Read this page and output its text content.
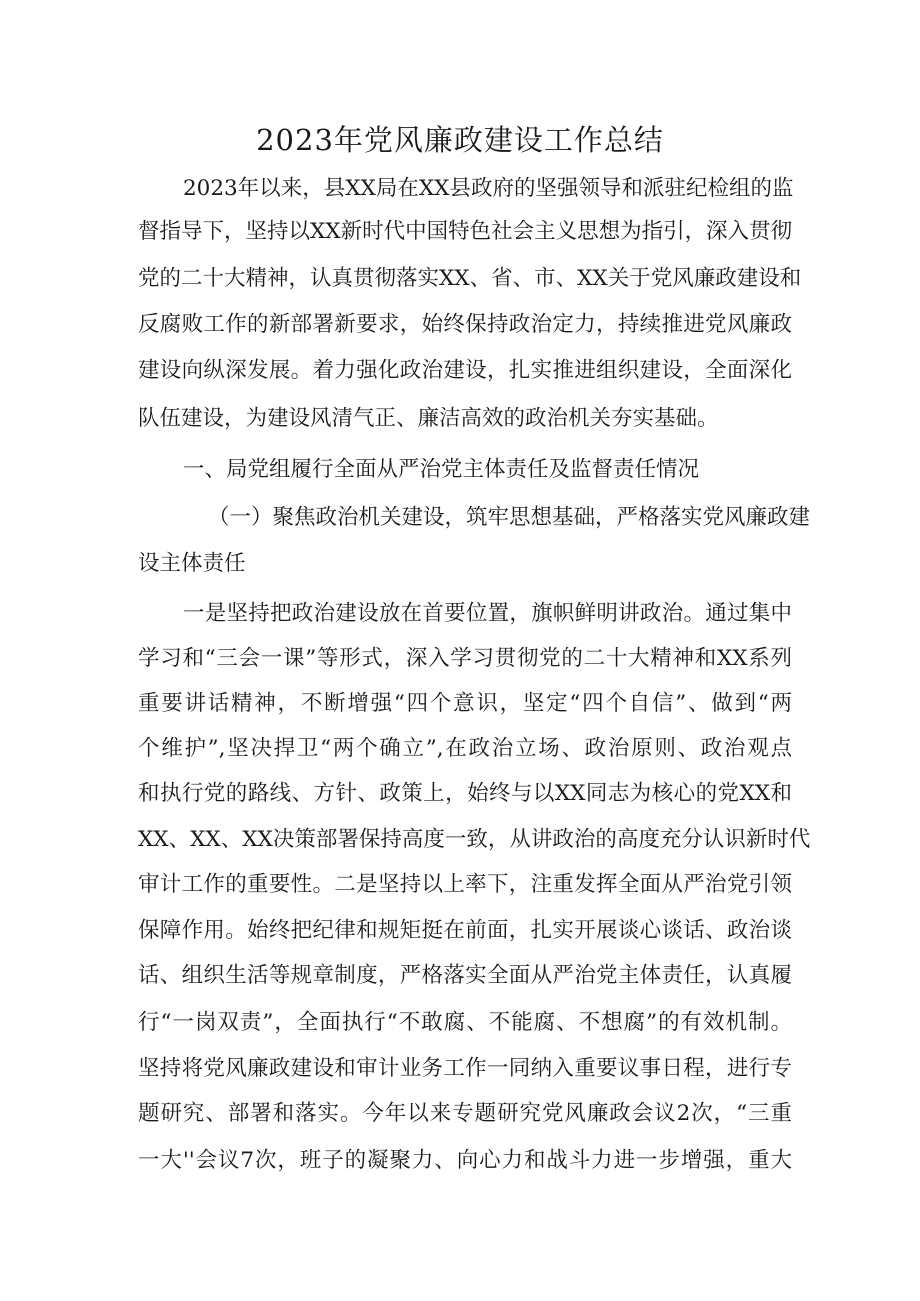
2023年党风廉政建设工作总结
2023年以来，县XX局在XX县政府的坚强领导和派驻纪检组的监
督指导下，坚持以XX新时代中国特色社会主义思想为指引，深入贯彻
党的二十大精神，认真贯彻落实XX、省、市、XX关于党风廉政建设和
反腐败工作的新部署新要求，始终保持政治定力，持续推进党风廉政
建设向纵深发展。着力强化政治建设，扎实推进组织建设，全面深化
队伍建设，为建设风清气正、廉洁高效的政治机关夯实基础。
一、局党组履行全面从严治党主体责任及监督责任情况
（一）聚焦政治机关建设，筑牢思想基础，严格落实党风廉政建
设主体责任
一是坚持把政治建设放在首要位置，旗帜鲜明讲政治。通过集中
学习和“三会一课”等形式，深入学习贯彻党的二十大精神和XX系列
重要讲话精神，不断增强“四个意识，坚定“四个自信”、做到“两
个维护”,坚决捍卫“两个确立”,在政治立场、政治原则、政治观点
和执行党的路线、方针、政策上，始终与以XX同志为核心的党XX和
XX、XX、XX决策部署保持高度一致，从讲政治的高度充分认识新时代
审计工作的重要性。二是坚持以上率下，注重发挥全面从严治党引领
保障作用。始终把纪律和规矩挺在前面，扎实开展谈心谈话、政治谈
话、组织生活等规章制度，严格落实全面从严治党主体责任，认真履
行“一岗双责”，全面执行“不敢腐、不能腐、不想腐”的有效机制。
坚持将党风廉政建设和审计业务工作一同纳入重要议事日程，进行专
题研究、部署和落实。今年以来专题研究党风廉政会议2次，“三重
一大''会议7次，班子的凝聚力、向心力和战斗力进一步增强，重大
